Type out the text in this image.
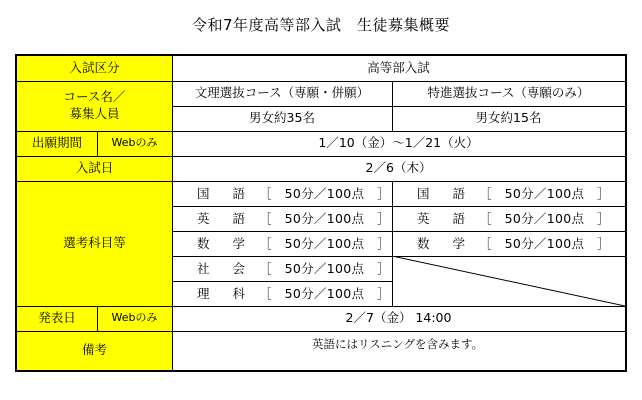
令和7年度高等部入試　生徒募集概要
入試区分
コース名／
募集人員
出願期間	Webのみ
入試日
選考科目等
発表日	Webのみ
備考
高等部入試
文理選抜コース（専願・併願）
男女約35名
特進選抜コース（専願のみ）
男女約15名
1／10（金）～1／21（火）
2／6（木）
国語 ［　50分／100点　］
英語 ［　50分／100点　］
数学 ［　50分／100点　］
社会 ［　50分／100点　］
理科 ［　50分／100点　］
国語 ［　50分／100点　］
英語 ［　50分／100点　］
数学 ［　50分／100点　］
2／7（金） 14:00
英語にはリスニングを含みます。
